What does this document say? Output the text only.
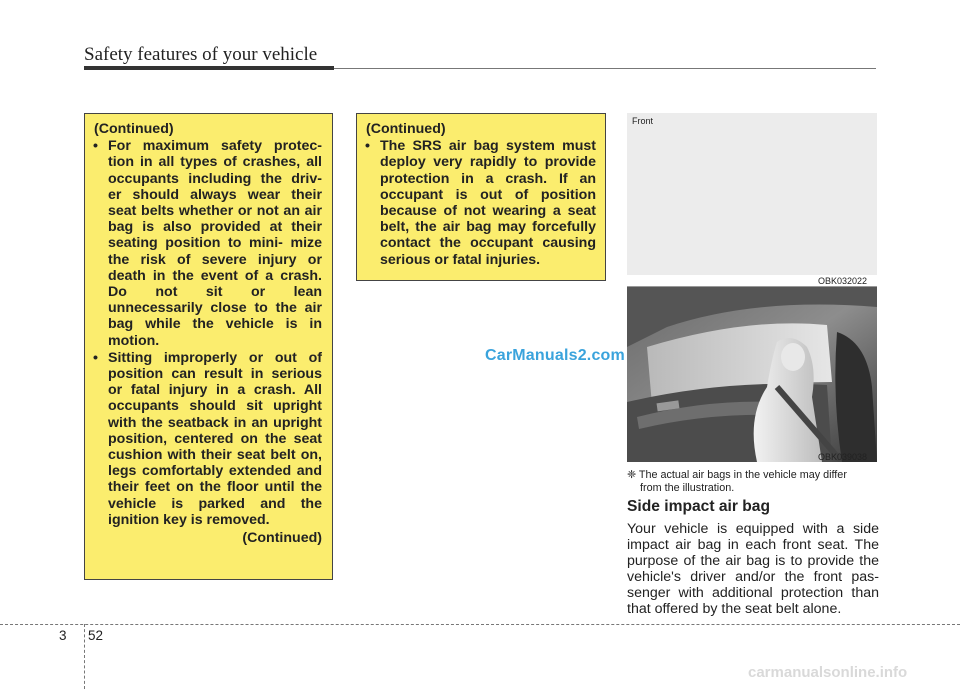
Safety features of your vehicle
(Continued)
• For maximum safety protec- tion in all types of crashes, all occupants including the driv- er should always wear their seat belts whether or not an air bag is also provided at their seating position to mini- mize the risk of severe injury or death in the event of a crash. Do not sit or lean unnecessarily close to the air bag while the vehicle is in motion.
• Sitting improperly or out of position can result in serious or fatal injury in a crash. All occupants should sit upright with the seatback in an upright position, centered on the seat cushion with their seat belt on, legs comfortably extended and their feet on the floor until the vehicle is parked and the ignition key is removed.
(Continued)
(Continued)
• The SRS air bag system must deploy very rapidly to provide protection in a crash. If an occupant is out of position because of not wearing a seat belt, the air bag may forcefully contact the occupant causing serious or fatal injuries.
CarManuals2.com
Front
OBK032022
OBK039038
❈ The actual air bags in the vehicle may differ
from the illustration.
Side impact air bag
Your vehicle is equipped with a side impact air bag in each front seat. The purpose of the air bag is to provide the vehicle's driver and/or the front pas- senger with additional protection than that offered by the seat belt alone.
3 52
carmanualsonline.info
